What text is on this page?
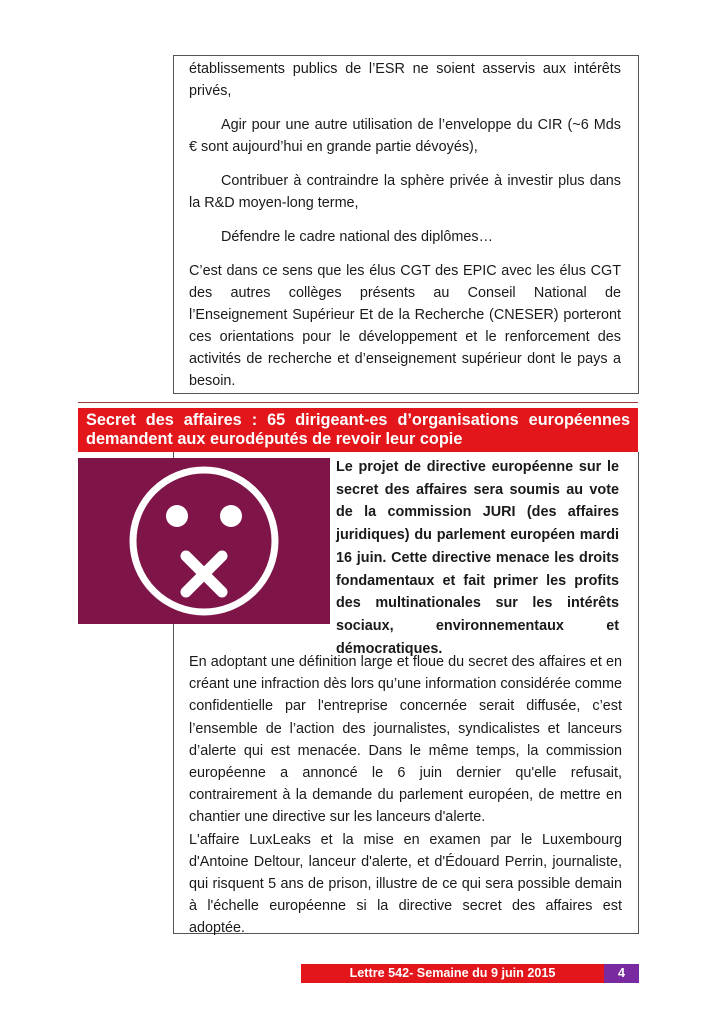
établissements publics de l’ESR ne soient asservis aux intérêts privés,

Agir pour une autre utilisation de l’enveloppe du CIR (~6 Mds € sont aujourd’hui en grande partie dévoyés),

Contribuer à contraindre la sphère privée à investir plus dans la R&D moyen-long terme,

Défendre le cadre national des diplômes…

C’est dans ce sens que les élus CGT des EPIC avec les élus CGT des autres collèges présents au Conseil National de l’Enseignement Supérieur Et de la Recherche (CNESER) porteront ces orientations pour le développement et le renforcement des activités de recherche et d’enseignement supérieur dont le pays a besoin.

Secret des affaires : 65 dirigeant-es d’organisations européennes

demandent aux eurodéputés de revoir leur copie

Le projet de directive européenne sur le secret des affaires sera soumis au vote de la commission JURI (des affaires juridiques) du parlement européen mardi 16 juin. Cette directive menace les droits fondamentaux et fait primer les profits des multinationales sur les intérêts sociaux, environnementaux et démocratiques.

En adoptant une définition large et floue du secret des affaires et en créant une infraction dès lors qu’une information considérée comme confidentielle par l'entreprise concernée serait diffusée, c’est l’ensemble de l’action des journalistes, syndicalistes et lanceurs d’alerte qui est menacée. Dans le même temps, la commission européenne a annoncé le 6 juin dernier qu'elle refusait, contrairement à la demande du parlement européen, de mettre en chantier une directive sur les lanceurs d'alerte.

L'affaire LuxLeaks et la mise en examen par le Luxembourg d'Antoine Deltour, lanceur d'alerte, et d'Édouard Perrin, journaliste, qui risquent 5 ans de prison, illustre de ce qui sera possible demain à l'échelle européenne si la directive secret des affaires est adoptée.

Lettre 542- Semaine du 9 juin 2015	4
